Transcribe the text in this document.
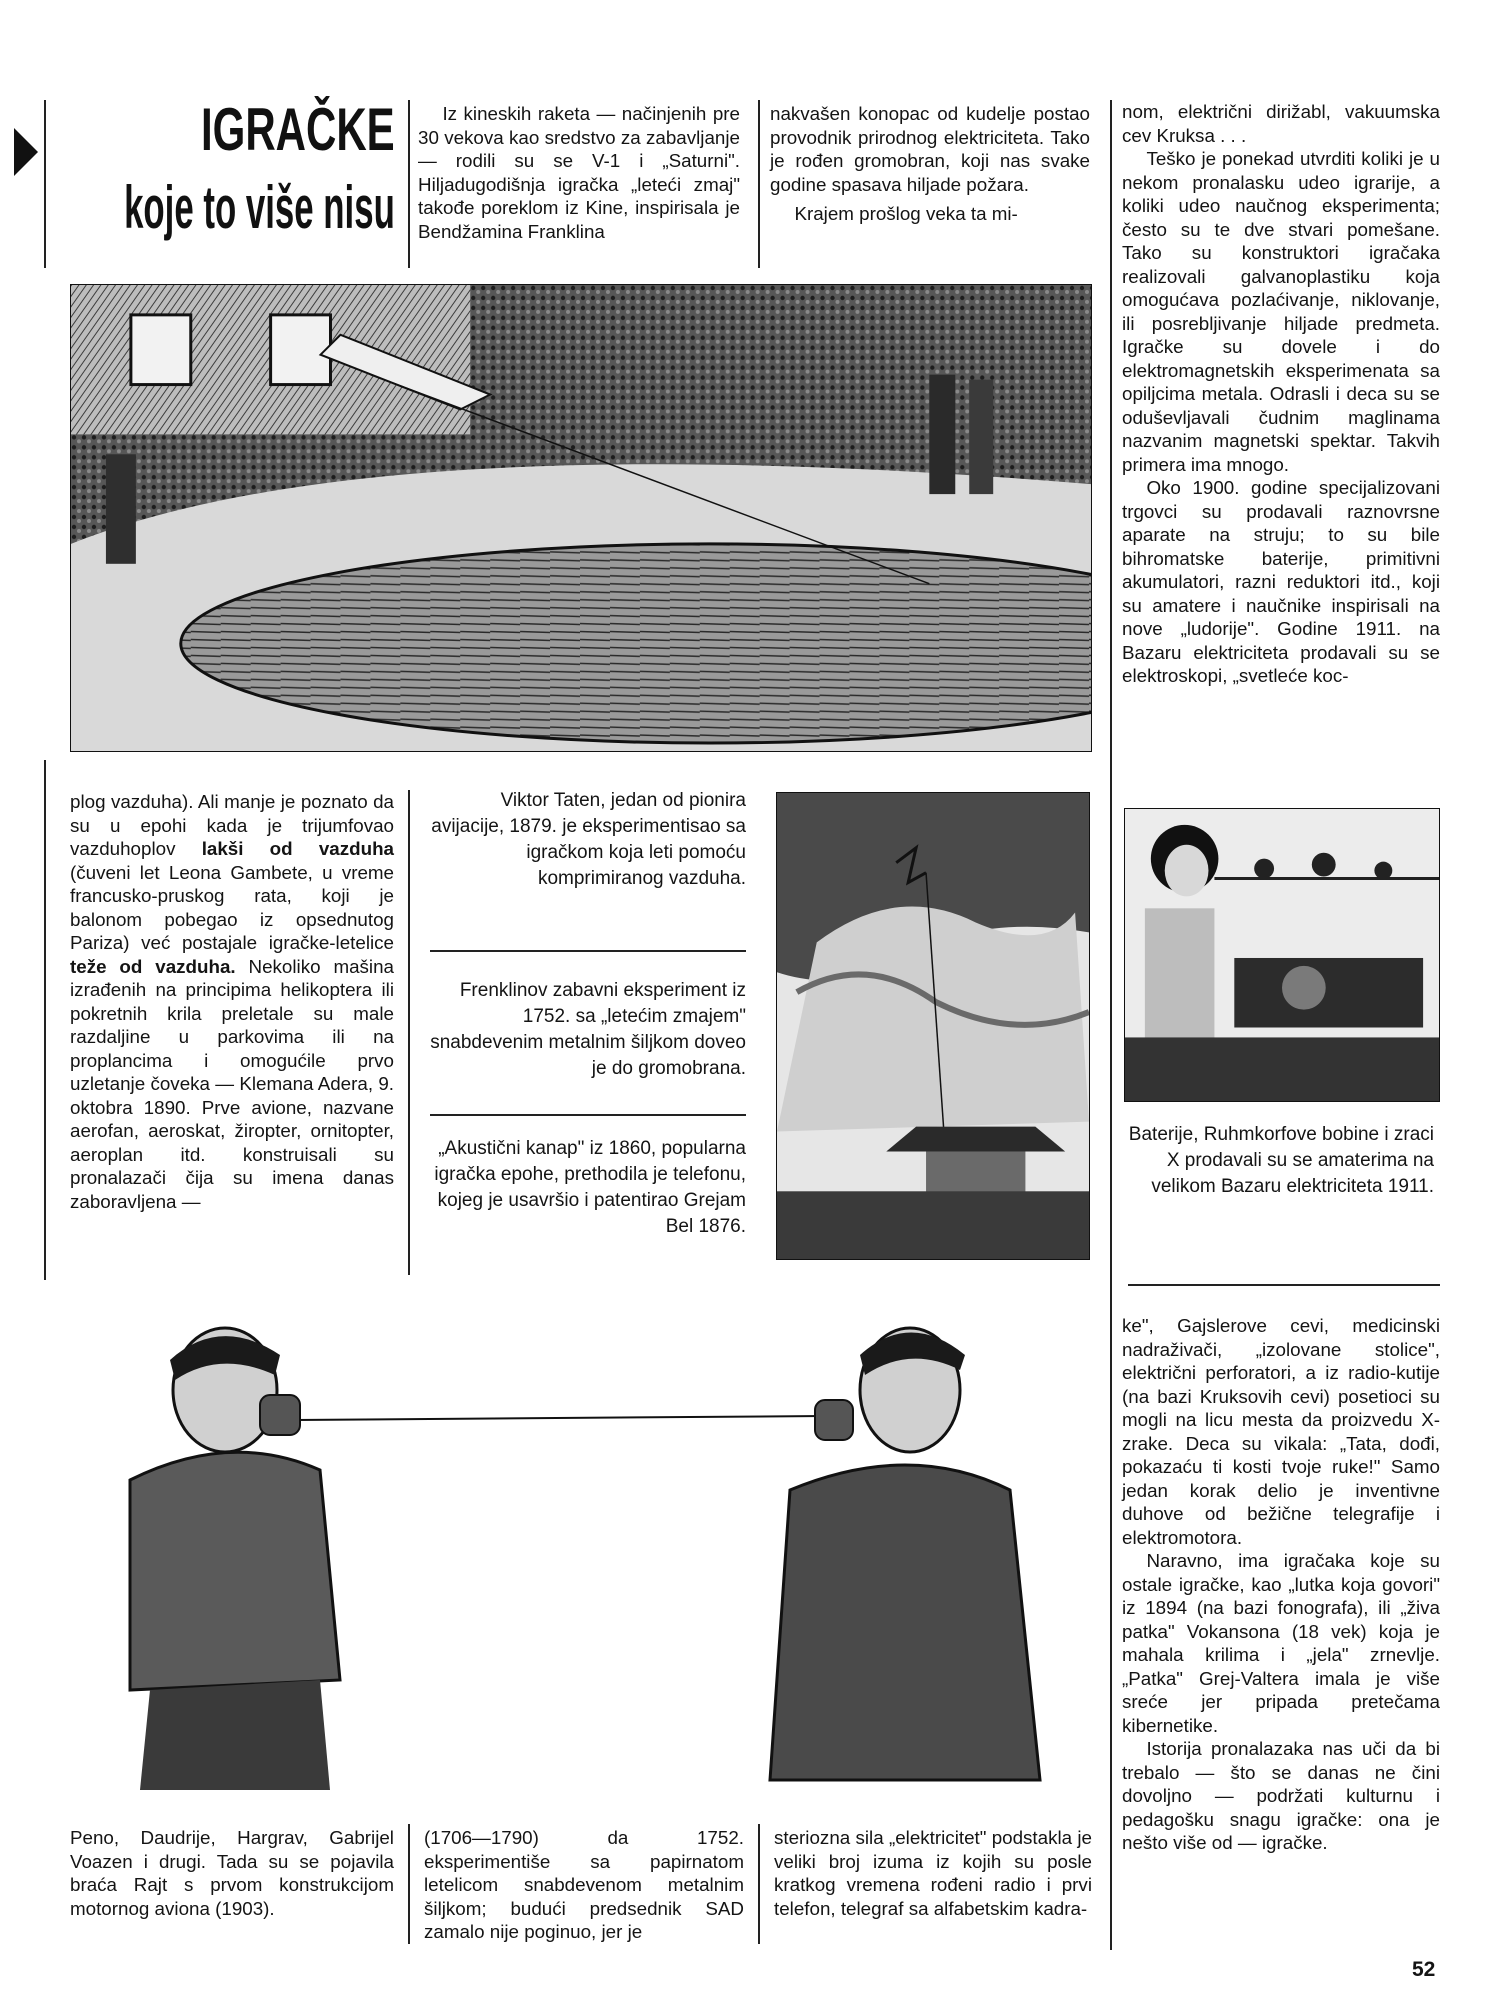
IGRAČKE
koje to više nisu
Iz kineskih raketa — načinjenih pre 30 vekova kao sredstvo za zabavljanje — rodili su se V-1 i „Saturni". Hiljadugodišnja igračka „leteći zmaj" takođe poreklom iz Kine, inspirisala je Bendžamina Franklina

nakvašen konopac od kudelje postao provodnik prirodnog elektriciteta. Tako je rođen gromobran, koji nas svake godine spasava hiljade požara.

Krajem prošlog veka ta mi-

nom, električni dirižabl, vakuumska cev Kruksa . . .

Teško je ponekad utvrditi koliki je u nekom pronalasku udeo igrarije, a koliki udeo naučnog eksperimenta; često su te dve stvari pomešane. Tako su konstruktori igračaka realizovali galvanoplastiku koja omogućava pozlaćivanje, niklovanje, ili posrebljivanje hiljade predmeta. Igračke su dovele i do elektromagnetskih eksperimenata sa opiljcima metala. Odrasli i deca su se oduševljavali čudnim maglinama nazvanim magnetski spektar. Takvih primera ima mnogo.

Oko 1900. godine specijalizovani trgovci su prodavali raznovrsne aparate na struju; to su bile bihromatske baterije, primitivni akumulatori, razni reduktori itd., koji su amatere i naučnike inspirisali na nove „ludorije". Godine 1911. na Bazaru elektriciteta prodavali su se elektroskopi, „svetleće koc-

plog vazduha). Ali manje je poznato da su u epohi kada je trijumfovao vazduhoplov lakši od vazduha (čuveni let Leona Gambete, u vreme francusko-pruskog rata, koji je balonom pobegao iz opsednutog Pariza) već postajale igračke-letelice teže od vazduha. Nekoliko mašina izrađenih na principima helikoptera ili pokretnih krila preletale su male razdaljine u parkovima ili na proplancima i omogućile prvo uzletanje čoveka — Klemana Adera, 9. oktobra 1890. Prve avione, nazvane aerofan, aeroskat, žiropter, ornitopter, aeroplan itd. konstruisali su pronalazači čija su imena danas zaboravljena —
Viktor Taten, jedan od pionira avijacije, 1879. je eksperimentisao sa igračkom koja leti pomoću komprimiranog vazduha.
Frenklinov zabavni eksperiment iz 1752. sa „letećim zmajem" snabdevenim metalnim šiljkom doveo je do gromobrana.
„Akustični kanap" iz 1860, popularna igračka epohe, prethodila je telefonu, kojeg je usavršio i patentirao Grejam Bel 1876.
Baterije, Ruhmkorfove bobine i zraci X prodavali su se amaterima na velikom Bazaru elektriciteta 1911.

ke", Gajslerove cevi, medicinski nadraživači, „izolovane stolice", električni perforatori, a iz radio-kutije (na bazi Kruksovih cevi) posetioci su mogli na licu mesta da proizvedu X-zrake. Deca su vikala: „Tata, dođi, pokazaću ti kosti tvoje ruke!" Samo jedan korak delio je inventivne duhove od bežične telegrafije i elektromotora.

Naravno, ima igračaka koje su ostale igračke, kao „lutka koja govori" iz 1894 (na bazi fonografa), ili „živa patka" Vokansona (18 vek) koja je mahala krilima i „jela" zrnevlje. „Patka" Grej-Valtera imala je više sreće jer pripada pretečama kibernetike.

Istorija pronalazaka nas uči da bi trebalo — što se danas ne čini dovoljno — podržati kulturnu i pedagošku snagu igračke: ona je nešto više od — igračke.

Peno, Daudrije, Hargrav, Gabrijel Voazen i drugi. Tada su se pojavila braća Rajt s prvom konstrukcijom motornog aviona (1903).
(1706—1790) da 1752. eksperimentiše sa papirnatom letelicom snabdevenom metalnim šiljkom; budući predsednik SAD zamalo nije poginuo, jer je
steriozna sila „elektricitet" podstakla je veliki broj izuma iz kojih su posle kratkog vremena rođeni radio i prvi telefon, telegraf sa alfabetskim kadra-
52
